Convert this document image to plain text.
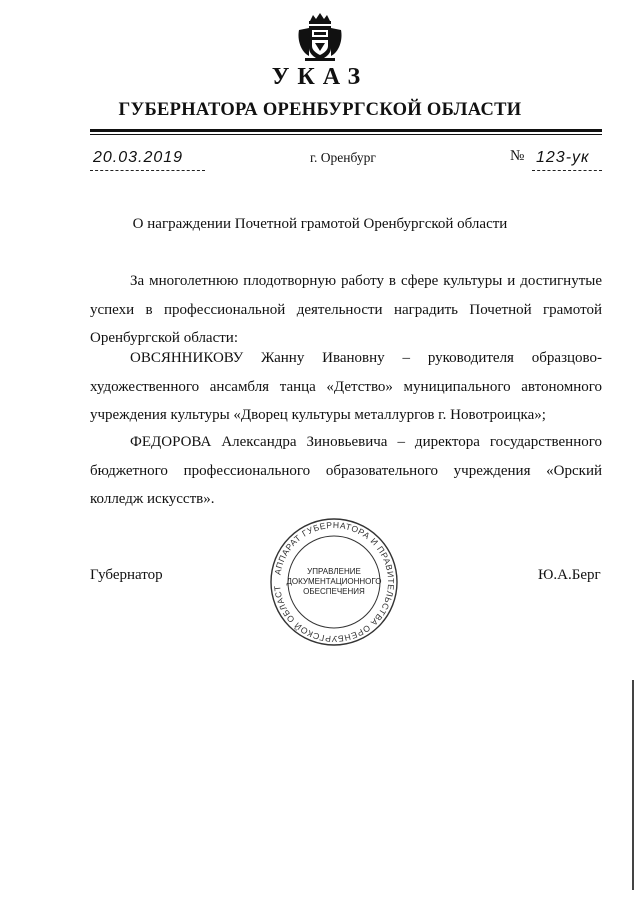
УКАЗ
ГУБЕРНАТОРА ОРЕНБУРГСКОЙ ОБЛАСТИ
20.03.2019	г. Оренбург	№ 123-ук
О награждении Почетной грамотой Оренбургской области

За многолетнюю плодотворную работу в сфере культуры и достигнутые успехи в профессиональной деятельности наградить Почетной грамотой Оренбургской области:

ОВСЯННИКОВУ Жанну Ивановну – руководителя образцово-художественного ансамбля танца «Детство» муниципального автономного учреждения культуры «Дворец культуры металлургов г. Новотроицка»;

ФЕДОРОВА Александра Зиновьевича – директора государственного бюджетного профессионального образовательного учреждения «Орский колледж искусств».

Губернатор	АППАРАТ ГУБЕРНАТОРА И ПРАВИТЕЛЬСТВА ОРЕНБУРГСКОЙ ОБЛАСТ
УПРАВЛЕНИЕ
ДОКУМЕНТАЦИОННОГО
ОБЕСПЕЧЕНИЯ
Ю.А.Берг
